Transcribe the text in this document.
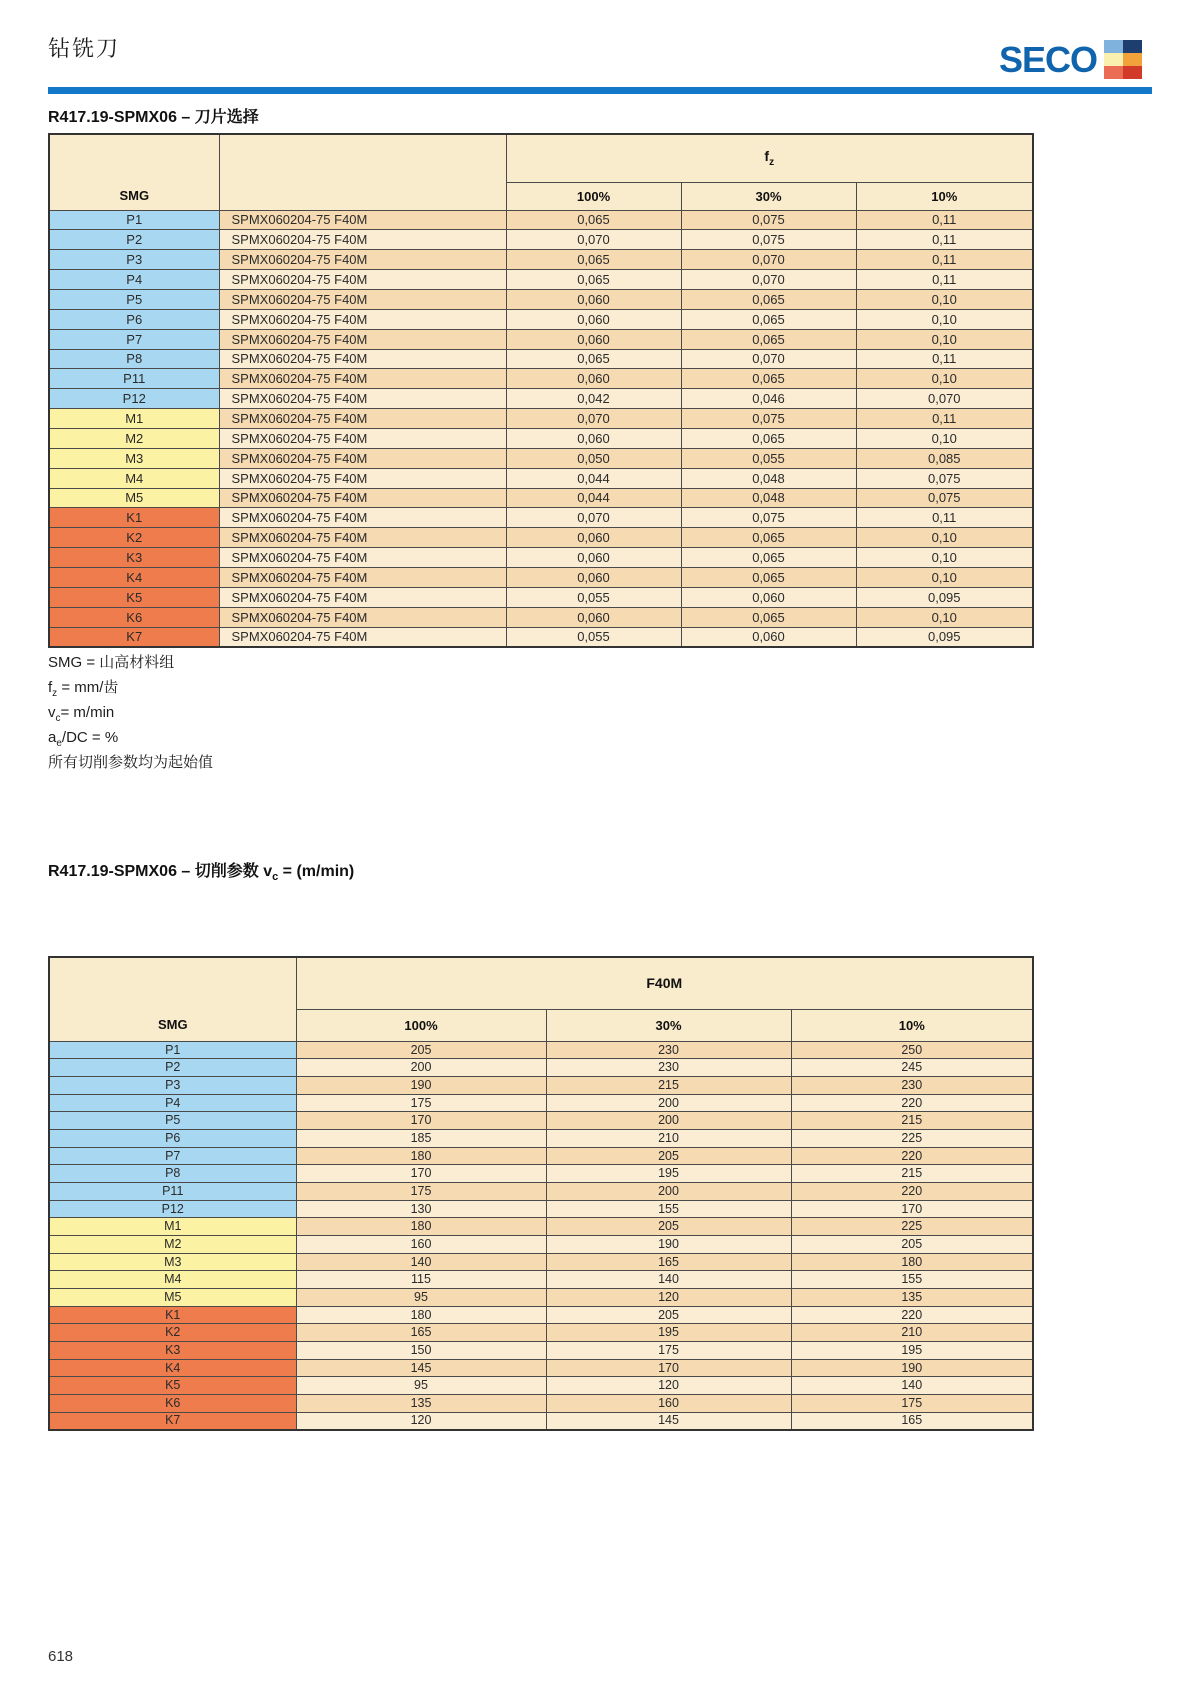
钻铣刀	SECO
R417.19-SPMX06 – 刀片选择
SMG		$f_z$
		100%	30%	10%
P1	SPMX060204-75 F40M	0,065	0,075	0,11
P2	SPMX060204-75 F40M	0,070	0,075	0,11
P3	SPMX060204-75 F40M	0,065	0,070	0,11
P4	SPMX060204-75 F40M	0,065	0,070	0,11
P5	SPMX060204-75 F40M	0,060	0,065	0,10
P6	SPMX060204-75 F40M	0,060	0,065	0,10
P7	SPMX060204-75 F40M	0,060	0,065	0,10
P8	SPMX060204-75 F40M	0,065	0,070	0,11
P11	SPMX060204-75 F40M	0,060	0,065	0,10
P12	SPMX060204-75 F40M	0,042	0,046	0,070
M1	SPMX060204-75 F40M	0,070	0,075	0,11
M2	SPMX060204-75 F40M	0,060	0,065	0,10
M3	SPMX060204-75 F40M	0,050	0,055	0,085
M4	SPMX060204-75 F40M	0,044	0,048	0,075
M5	SPMX060204-75 F40M	0,044	0,048	0,075
K1	SPMX060204-75 F40M	0,070	0,075	0,11
K2	SPMX060204-75 F40M	0,060	0,065	0,10
K3	SPMX060204-75 F40M	0,060	0,065	0,10
K4	SPMX060204-75 F40M	0,060	0,065	0,10
K5	SPMX060204-75 F40M	0,055	0,060	0,095
K6	SPMX060204-75 F40M	0,060	0,065	0,10
K7	SPMX060204-75 F40M	0,055	0,060	0,095
SMG = 山高材料组
$f_z = mm/$齿
$v_c= m/\min$
$a_e/DC$ = %
所有切削参数均为起始值
R417.19-SPMX06 – 切削参数 $v_c = (m/\min)$
SMG	F40M		
	100%	30%	10%
P1	205	230	250
P2	200	230	245
P3	190	215	230
P4	175	200	220
P5	170	200	215
P6	185	210	225
P7	180	205	220
P8	170	195	215
P11	175	200	220
P12	130	155	170
M1	180	205	225
M2	160	190	205
M3	140	165	180
M4	115	140	155
M5	95	120	135
K1	180	205	220
K2	165	195	210
K3	150	175	195
K4	145	170	190
K5	95	120	140
K6	135	160	175
K7	120	145	165
618
